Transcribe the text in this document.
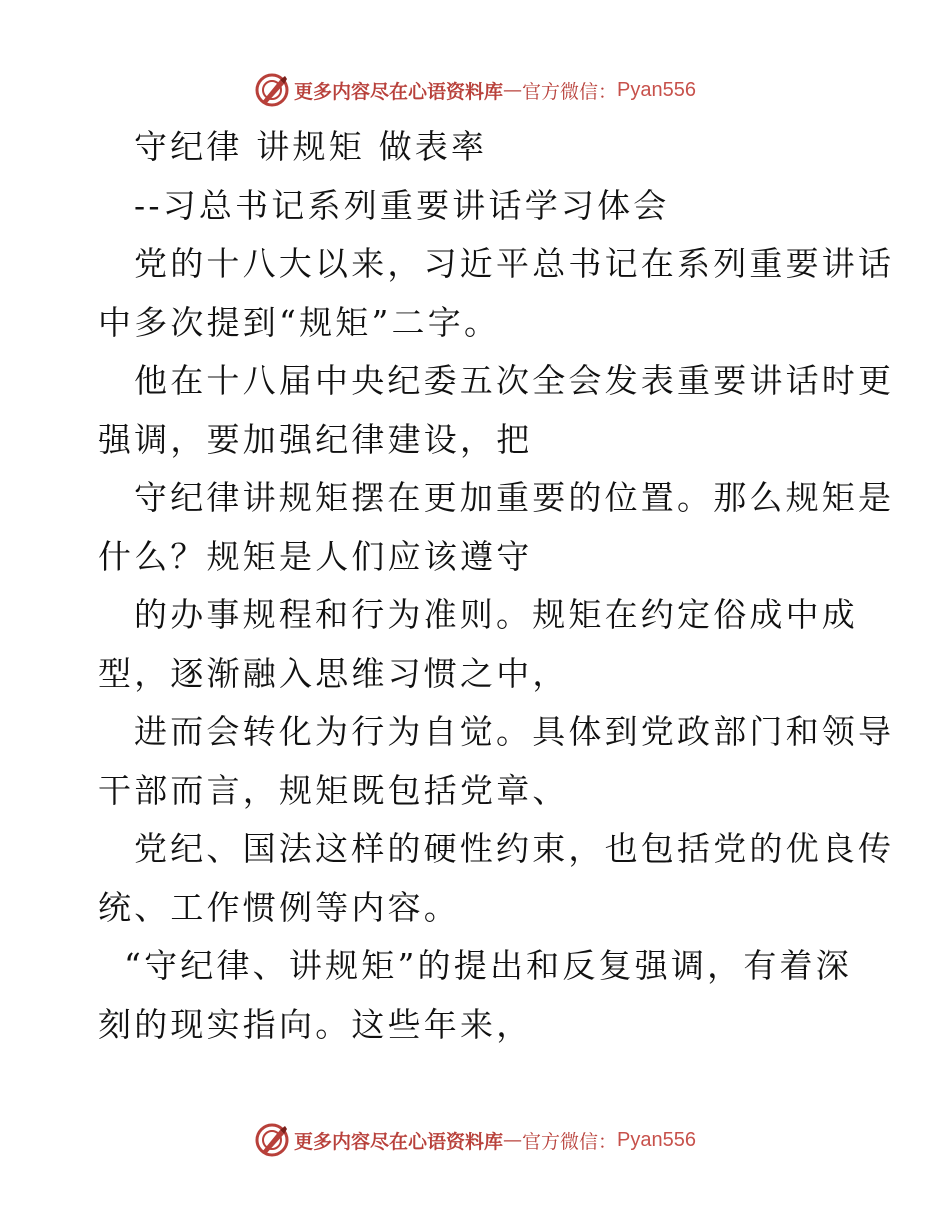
更多内容尽在心语资料库 — 官方微信： Pyan556
守纪律 讲规矩 做表率
--习总书记系列重要讲话学习体会
党的十八大以来，习近平总书记在系列重要讲话
中多次提到“规矩”二字。
他在十八届中央纪委五次全会发表重要讲话时更
强调，要加强纪律建设，把
守纪律讲规矩摆在更加重要的位置。那么规矩是
什么？规矩是人们应该遵守
的办事规程和行为准则。规矩在约定俗成中成
型，逐渐融入思维习惯之中，
进而会转化为行为自觉。具体到党政部门和领导
干部而言，规矩既包括党章、
党纪、国法这样的硬性约束，也包括党的优良传
统、工作惯例等内容。
“守纪律、讲规矩”的提出和反复强调，有着深
刻的现实指向。这些年来，
更多内容尽在心语资料库 — 官方微信： Pyan556
